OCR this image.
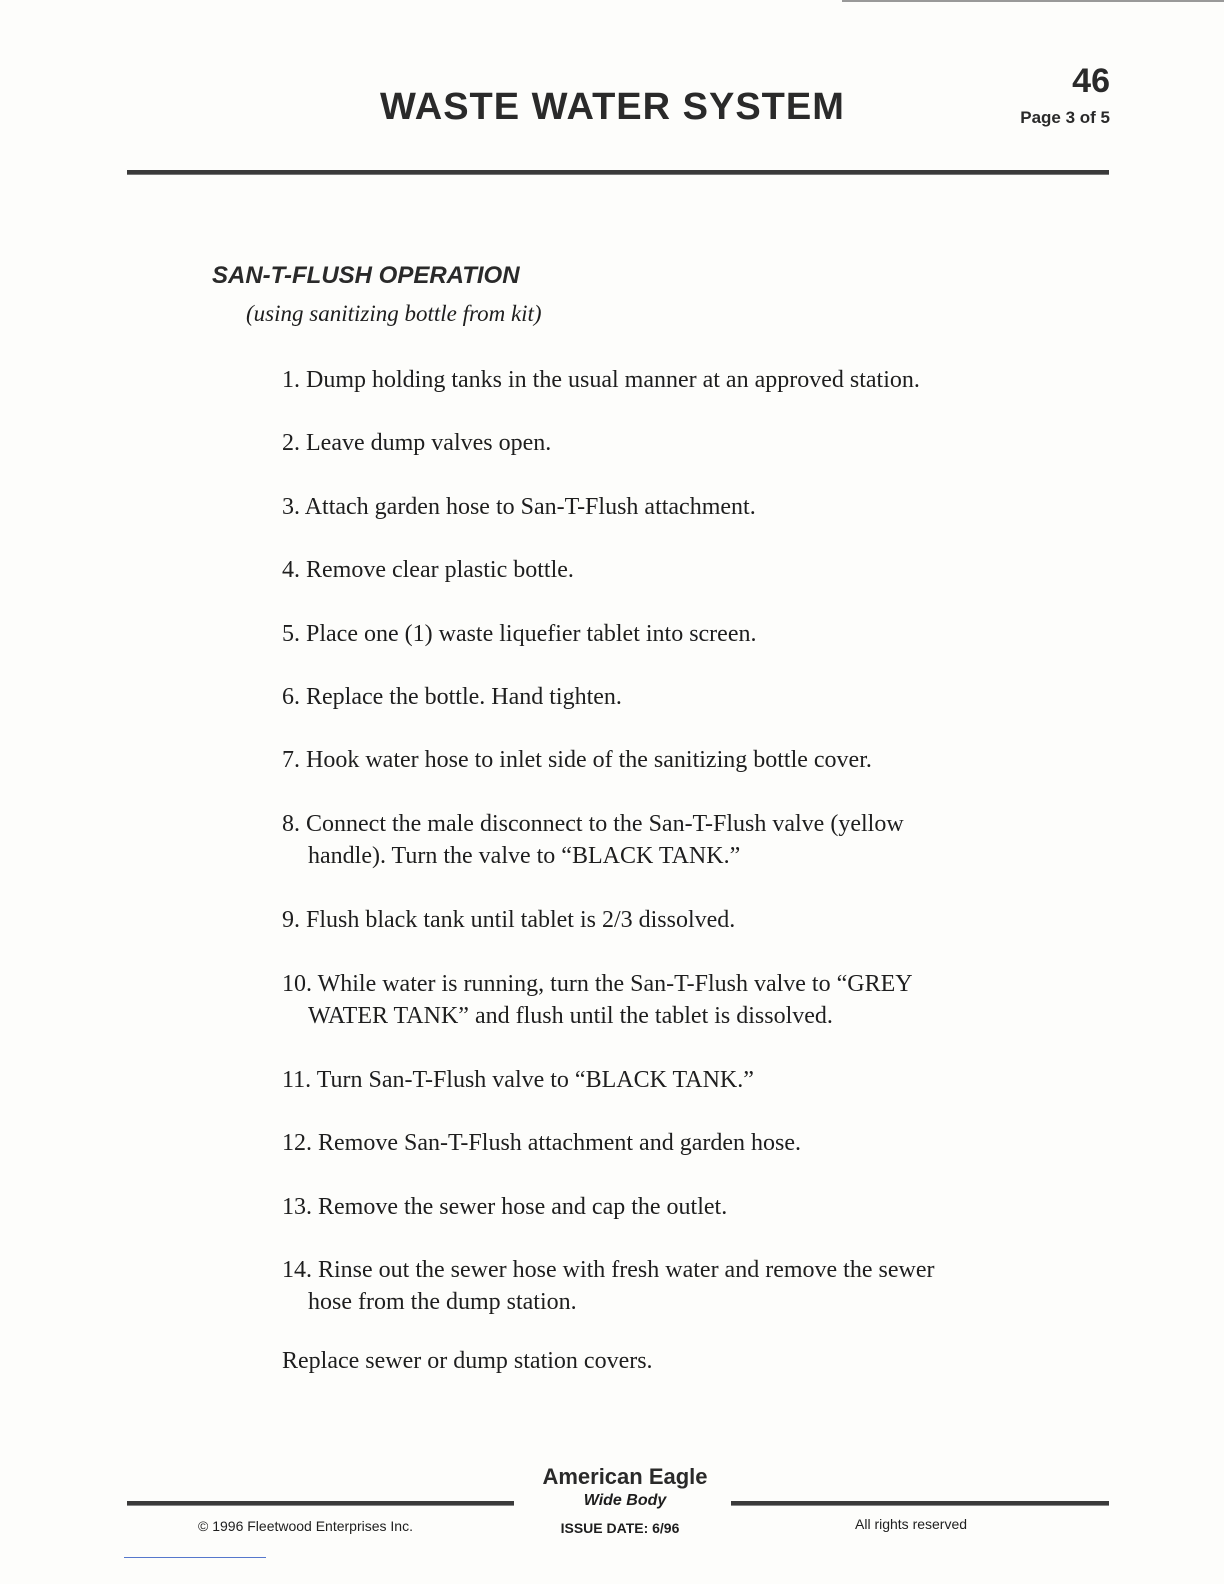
WASTE WATER SYSTEM
46
Page 3 of 5
SAN-T-FLUSH OPERATION
(using sanitizing bottle from kit)
1. Dump holding tanks in the usual manner at an approved station.
2. Leave dump valves open.
3. Attach garden hose to San-T-Flush attachment.
4. Remove clear plastic bottle.
5. Place one (1) waste liquefier tablet into screen.
6. Replace the bottle. Hand tighten.
7. Hook water hose to inlet side of the sanitizing bottle cover.
8. Connect the male disconnect to the San-T-Flush valve (yellow
handle). Turn the valve to “BLACK TANK.”
9. Flush black tank until tablet is 2/3 dissolved.
10. While water is running, turn the San-T-Flush valve to “GREY
WATER TANK” and flush until the tablet is dissolved.
11. Turn San-T-Flush valve to “BLACK TANK.”
12. Remove San-T-Flush attachment and garden hose.
13. Remove the sewer hose and cap the outlet.
14. Rinse out the sewer hose with fresh water and remove the sewer
hose from the dump station.
Replace sewer or dump station covers.
American Eagle
Wide Body
© 1996 Fleetwood Enterprises Inc.	ISSUE DATE: 6/96	All rights reserved
